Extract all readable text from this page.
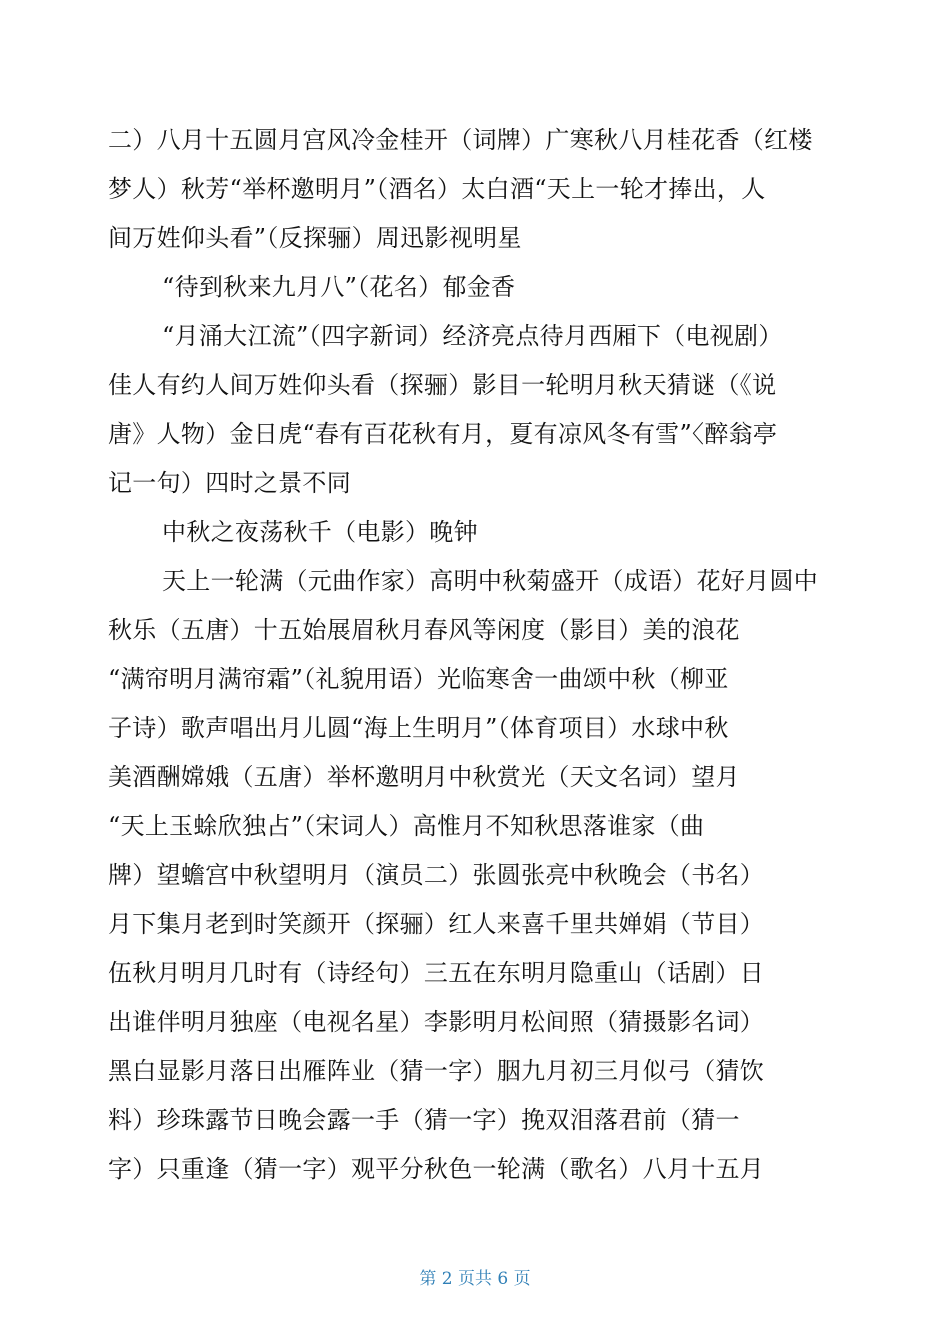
二）八月十五圆月宫风冷金桂开（词牌）广寒秋八月桂花香（红楼
梦人）秋芳“举杯邀明月”（酒名）太白酒“天上一轮才捧出，人
间万姓仰头看”（反探骊）周迅影视明星
“待到秋来九月八”（花名）郁金香
“月涌大江流”（四字新词）经济亮点待月西厢下（电视剧）
佳人有约人间万姓仰头看（探骊）影目一轮明月秋天猜谜（《说
唐》人物）金日虎“春有百花秋有月，夏有凉风冬有雪”〈醉翁亭
记一句）四时之景不同
中秋之夜荡秋千（电影）晚钟
天上一轮满（元曲作家）高明中秋菊盛开（成语）花好月圆中
秋乐（五唐）十五始展眉秋月春风等闲度（影目）美的浪花
“满帘明月满帘霜”（礼貌用语）光临寒舍一曲颂中秋（柳亚
子诗）歌声唱出月儿圆“海上生明月”（体育项目）水球中秋
美酒酬嫦娥（五唐）举杯邀明月中秋赏光（天文名词）望月
“天上玉蜍欣独占”（宋词人）高惟月不知秋思落谁家（曲
牌）望蟾宫中秋望明月（演员二）张圆张亮中秋晚会（书名）
月下集月老到时笑颜开（探骊）红人来喜千里共婵娟（节目）
伍秋月明月几时有（诗经句）三五在东明月隐重山（话剧）日
出谁伴明月独座（电视名星）李影明月松间照（猜摄影名词）
黑白显影月落日出雁阵业（猜一字）胭九月初三月似弓（猜饮
料）珍珠露节日晚会露一手（猜一字）挽双泪落君前（猜一
字）只重逢（猜一字）观平分秋色一轮满（歌名）八月十五月
第 2 页共 6 页
